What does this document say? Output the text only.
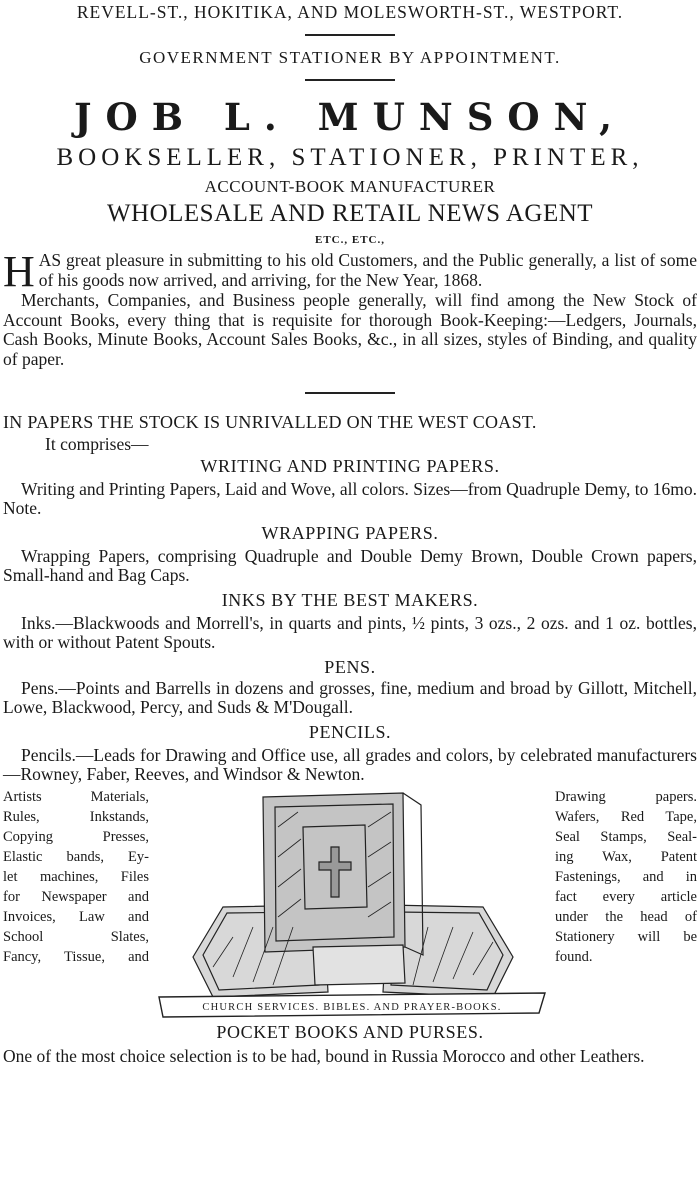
REVELL-ST., HOKITIKA, AND MOLESWORTH-ST., WESTPORT.
GOVERNMENT STATIONER BY APPOINTMENT.
JOB L. MUNSON,
BOOKSELLER, STATIONER, PRINTER,
ACCOUNT-BOOK MANUFACTURER
WHOLESALE AND RETAIL NEWS AGENT
ETC., ETC.,
HAS great pleasure in submitting to his old Customers, and the Public generally, a list of some of his goods now arrived, and arriving, for the New Year, 1868.
Merchants, Companies, and Business people generally, will find among the New Stock of Account Books, every thing that is requisite for thorough Book-Keeping:—Ledgers, Journals, Cash Books, Minute Books, Account Sales Books, &c., in all sizes, styles of Binding, and quality of paper.
IN PAPERS THE STOCK IS UNRIVALLED ON THE WEST COAST.
It comprises—
WRITING AND PRINTING PAPERS.
Writing and Printing Papers, Laid and Wove, all colors. Sizes—from Quadruple Demy, to 16mo. Note.
WRAPPING PAPERS.
Wrapping Papers, comprising Quadruple and Double Demy Brown, Double Crown papers, Small-hand and Bag Caps.
INKS BY THE BEST MAKERS.
Inks.—Blackwoods and Morrell's, in quarts and pints, ½ pints, 3 ozs., 2 ozs. and 1 oz. bottles, with or without Patent Spouts.
PENS.
Pens.—Points and Barrells in dozens and grosses, fine, medium and broad by Gillott, Mitchell, Lowe, Blackwood, Percy, and Suds & M'Dougall.
PENCILS.
Pencils.—Leads for Drawing and Office use, all grades and colors, by celebrated manufacturers—Rowney, Faber, Reeves, and Windsor & Newton.
Artists Materials,
Rules, Inkstands,
Copying Presses,
Elastic bands, Ey-
let machines, Files
for Newspaper and
Invoices, Law and
School Slates,
Fancy, Tissue, and
CHURCH SERVICES. BIBLES. AND PRAYER-BOOKS.
Drawing papers.
Wafers, Red Tape,
Seal Stamps, Seal-
ing Wax, Patent
Fastenings, and in
fact every article
under the head of
Stationery will be
found.
POCKET BOOKS AND PURSES.
One of the most choice selection is to be had, bound in Russia Morocco and other Leathers.
